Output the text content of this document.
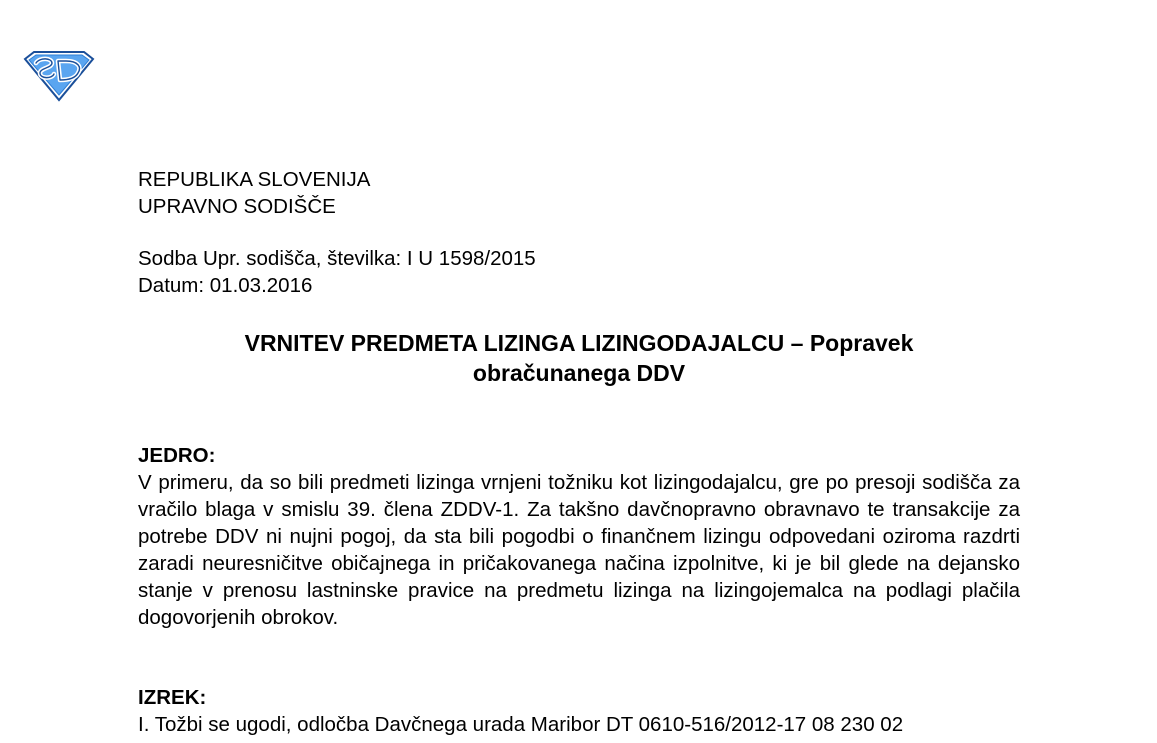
REPUBLIKA SLOVENIJA
UPRAVNO SODIŠČE
Sodba Upr. sodišča, številka: I U 1598/2015
Datum: 01.03.2016
VRNITEV PREDMETA LIZINGA LIZINGODAJALCU – Popravek
obračunanega DDV
JEDRO:
V primeru, da so bili predmeti lizinga vrnjeni tožniku kot lizingodajalcu, gre po presoji sodišča za vračilo blaga v smislu 39. člena ZDDV-1. Za takšno davčnopravno obravnavo te transakcije za potrebe DDV ni nujni pogoj, da sta bili pogodbi o finančnem lizingu odpovedani oziroma razdrti zaradi neuresničitve običajnega in pričakovanega načina izpolnitve, ki je bil glede na dejansko stanje v prenosu lastninske pravice na predmetu lizinga na lizingojemalca na podlagi plačila dogovorjenih obrokov.
IZREK:
I. Tožbi se ugodi, odločba Davčnega urada Maribor DT 0610-516/2012-17 08 230 02
